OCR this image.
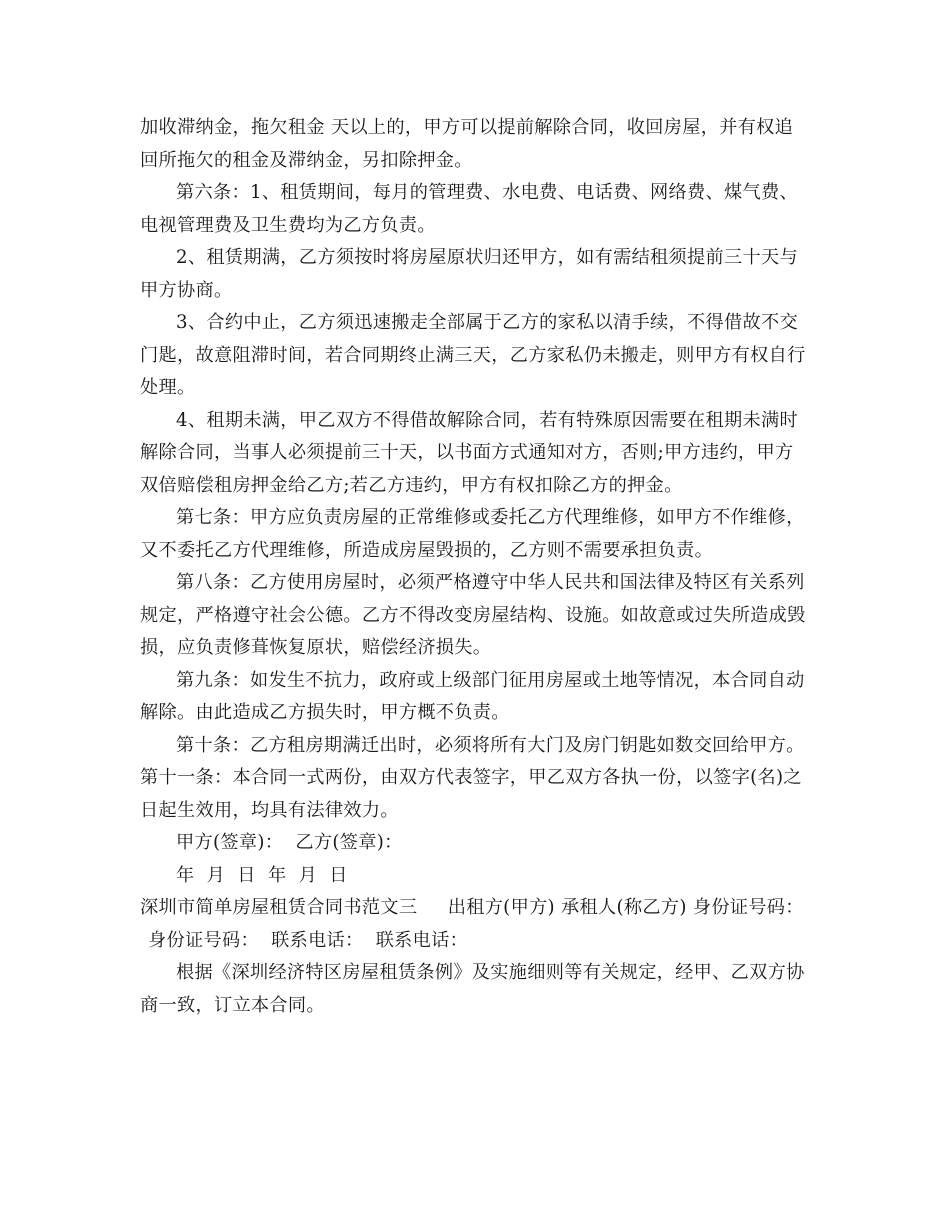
加收滞纳金，拖欠租金 天以上的，甲方可以提前解除合同，收回房屋，并有权追
回所拖欠的租金及滞纳金，另扣除押金。
第六条：1、租赁期间，每月的管理费、水电费、电话费、网络费、煤气费、
电视管理费及卫生费均为乙方负责。
2、租赁期满，乙方须按时将房屋原状归还甲方，如有需结租须提前三十天与
甲方协商。
3、合约中止，乙方须迅速搬走全部属于乙方的家私以清手续，不得借故不交
门匙，故意阻滞时间，若合同期终止满三天，乙方家私仍未搬走，则甲方有权自行
处理。
4、租期未满，甲乙双方不得借故解除合同，若有特殊原因需要在租期未满时
解除合同，当事人必须提前三十天，以书面方式通知对方，否则;甲方违约，甲方
双倍赔偿租房押金给乙方;若乙方违约，甲方有权扣除乙方的押金。
第七条：甲方应负责房屋的正常维修或委托乙方代理维修，如甲方不作维修，
又不委托乙方代理维修，所造成房屋毁损的，乙方则不需要承担负责。
第八条：乙方使用房屋时，必须严格遵守中华人民共和国法律及特区有关系列
规定，严格遵守社会公德。乙方不得改变房屋结构、设施。如故意或过失所造成毁
损，应负责修葺恢复原状，赔偿经济损失。
第九条：如发生不抗力，政府或上级部门征用房屋或土地等情况，本合同自动
解除。由此造成乙方损失时，甲方概不负责。
第十条：乙方租房期满迁出时，必须将所有大门及房门钥匙如数交回给甲方。
第十一条：本合同一式两份，由双方代表签字，甲乙双方各执一份，以签字(名)之
日起生效用，均具有法律效力。
甲方(签章)：  乙方(签章)：
年  月  日  年  月  日
深圳市简单房屋租赁合同书范文三     出租方(甲方) 承租人(称乙方) 身份证号码：
身份证号码：  联系电话：  联系电话：
根据《深圳经济特区房屋租赁条例》及实施细则等有关规定，经甲、乙双方协
商一致，订立本合同。
